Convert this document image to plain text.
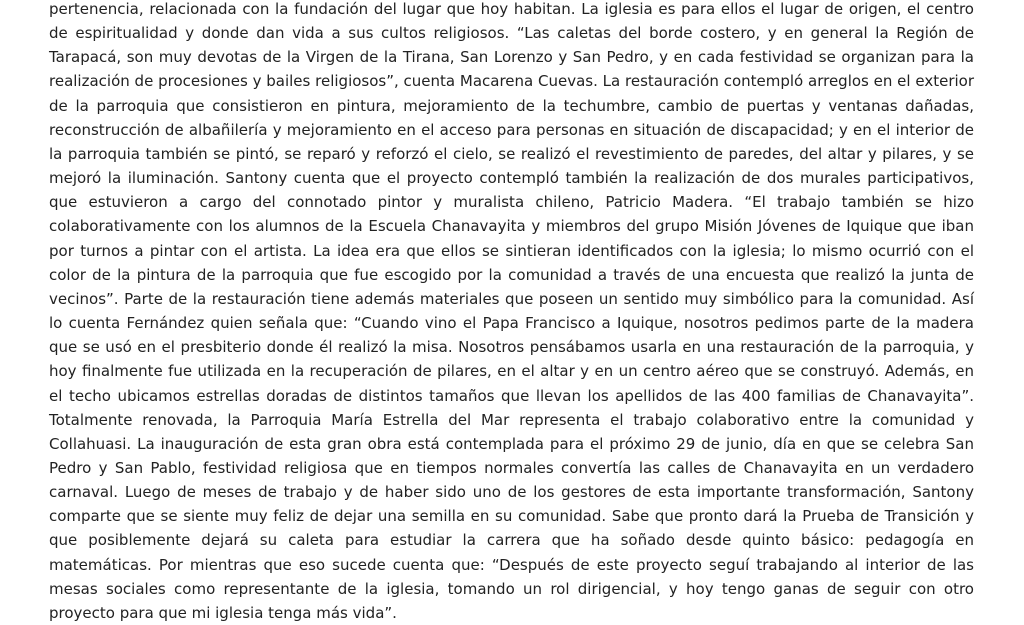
pertenencia, relacionada con la fundación del lugar que hoy habitan. La iglesia es para ellos el lugar de origen, el centro de espiritualidad y donde dan vida a sus cultos religiosos. “Las caletas del borde costero, y en general la Región de Tarapacá, son muy devotas de la Virgen de la Tirana, San Lorenzo y San Pedro, y en cada festividad se organizan para la realización de procesiones y bailes religiosos”, cuenta Macarena Cuevas. La restauración contempló arreglos en el exterior de la parroquia que consistieron en pintura, mejoramiento de la techumbre, cambio de puertas y ventanas dañadas, reconstrucción de albañilería y mejoramiento en el acceso para personas en situación de discapacidad; y en el interior de la parroquia también se pintó, se reparó y reforzó el cielo, se realizó el revestimiento de paredes, del altar y pilares, y se mejoró la iluminación. Santony cuenta que el proyecto contempló también la realización de dos murales participativos, que estuvieron a cargo del connotado pintor y muralista chileno, Patricio Madera. “El trabajo también se hizo colaborativamente con los alumnos de la Escuela Chanavayita y miembros del grupo Misión Jóvenes de Iquique que iban por turnos a pintar con el artista. La idea era que ellos se sintieran identificados con la iglesia; lo mismo ocurrió con el color de la pintura de la parroquia que fue escogido por la comunidad a través de una encuesta que realizó la junta de vecinos”. Parte de la restauración tiene además materiales que poseen un sentido muy simbólico para la comunidad. Así lo cuenta Fernández quien señala que: “Cuando vino el Papa Francisco a Iquique, nosotros pedimos parte de la madera que se usó en el presbiterio donde él realizó la misa. Nosotros pensábamos usarla en una restauración de la parroquia, y hoy finalmente fue utilizada en la recuperación de pilares, en el altar y en un centro aéreo que se construyó. Además, en el techo ubicamos estrellas doradas de distintos tamaños que llevan los apellidos de las 400 familias de Chanavayita”. Totalmente renovada, la Parroquia María Estrella del Mar representa el trabajo colaborativo entre la comunidad y Collahuasi. La inauguración de esta gran obra está contemplada para el próximo 29 de junio, día en que se celebra San Pedro y San Pablo, festividad religiosa que en tiempos normales convertía las calles de Chanavayita en un verdadero carnaval. Luego de meses de trabajo y de haber sido uno de los gestores de esta importante transformación, Santony comparte que se siente muy feliz de dejar una semilla en su comunidad. Sabe que pronto dará la Prueba de Transición y que posiblemente dejará su caleta para estudiar la carrera que ha soñado desde quinto básico: pedagogía en matemáticas. Por mientras que eso sucede cuenta que: “Después de este proyecto seguí trabajando al interior de las mesas sociales como representante de la iglesia, tomando un rol dirigencial, y hoy tengo ganas de seguir con otro proyecto para que mi iglesia tenga más vida”.
